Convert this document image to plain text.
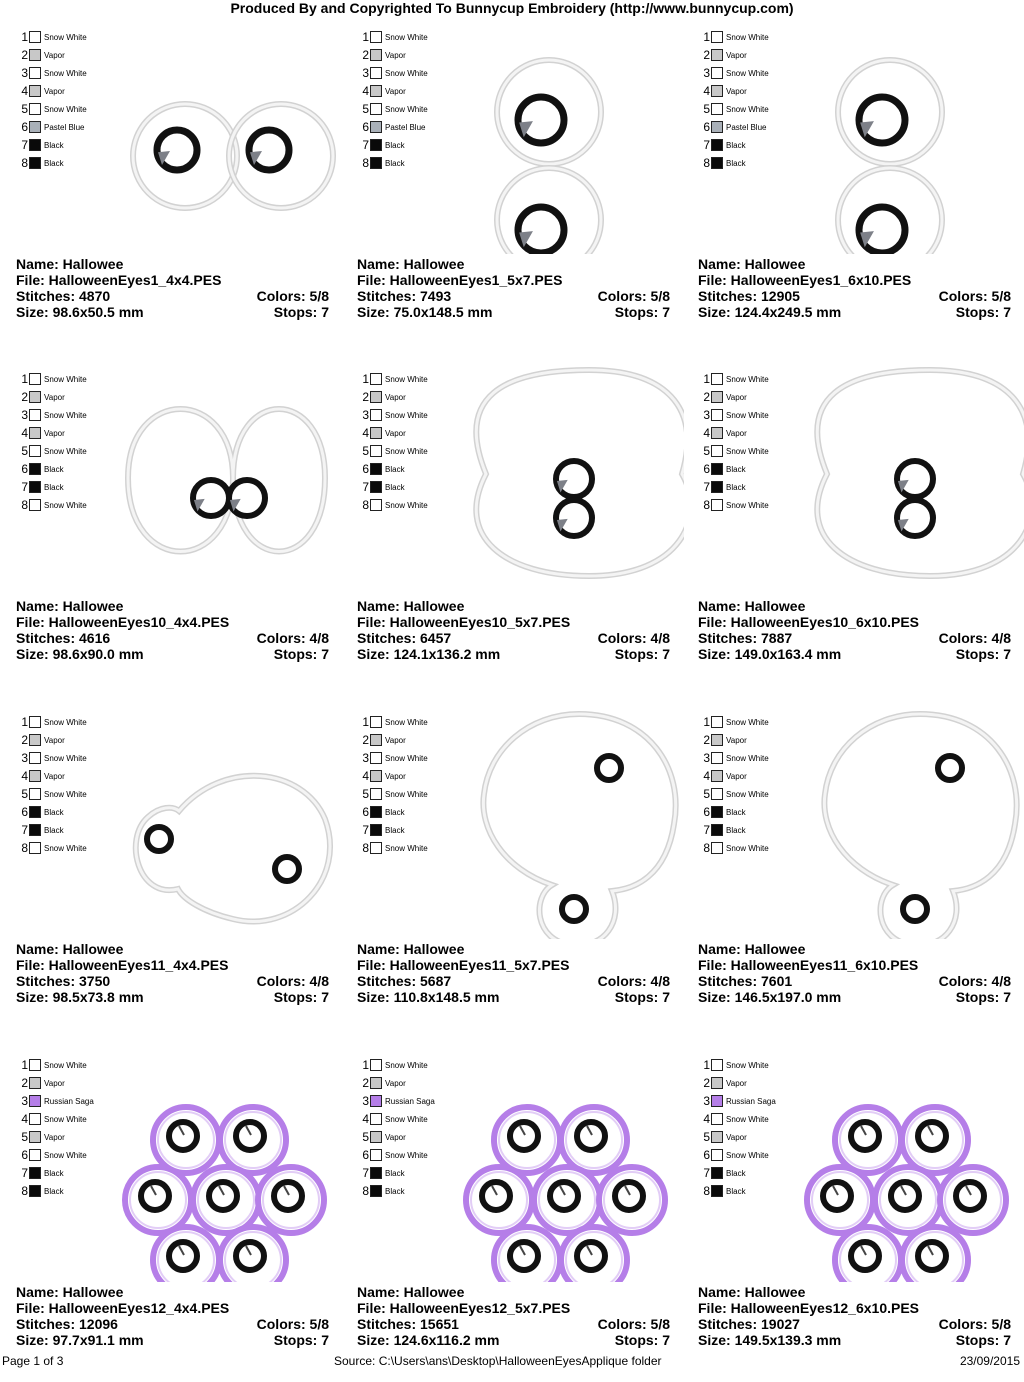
Produced By and Copyrighted To Bunnycup Embroidery (http://www.bunnycup.com)
1 Snow White
2 Vapor
3 Snow White
4 Vapor
5 Snow White
6 Pastel Blue
7 Black
8 Black
Name: Hallowee
File: HalloweenEyes1_4x4.PES
Stitches: 4870	Colors: 5/8
Size: 98.6x50.5 mm	Stops: 7
1 Snow White
2 Vapor
3 Snow White
4 Vapor
5 Snow White
6 Pastel Blue
7 Black
8 Black
Name: Hallowee
File: HalloweenEyes1_5x7.PES
Stitches: 7493	Colors: 5/8
Size: 75.0x148.5 mm	Stops: 7
1 Snow White
2 Vapor
3 Snow White
4 Vapor
5 Snow White
6 Pastel Blue
7 Black
8 Black
Name: Hallowee
File: HalloweenEyes1_6x10.PES
Stitches: 12905	Colors: 5/8
Size: 124.4x249.5 mm	Stops: 7
1 Snow White
2 Vapor
3 Snow White
4 Vapor
5 Snow White
6 Black
7 Black
8 Snow White
Name: Hallowee
File: HalloweenEyes10_4x4.PES
Stitches: 4616	Colors: 4/8
Size: 98.6x90.0 mm	Stops: 7
1 Snow White
2 Vapor
3 Snow White
4 Vapor
5 Snow White
6 Black
7 Black
8 Snow White
Name: Hallowee
File: HalloweenEyes10_5x7.PES
Stitches: 6457	Colors: 4/8
Size: 124.1x136.2 mm	Stops: 7
1 Snow White
2 Vapor
3 Snow White
4 Vapor
5 Snow White
6 Black
7 Black
8 Snow White
Name: Hallowee
File: HalloweenEyes10_6x10.PES
Stitches: 7887	Colors: 4/8
Size: 149.0x163.4 mm	Stops: 7
1 Snow White
2 Vapor
3 Snow White
4 Vapor
5 Snow White
6 Black
7 Black
8 Snow White
Name: Hallowee
File: HalloweenEyes11_4x4.PES
Stitches: 3750	Colors: 4/8
Size: 98.5x73.8 mm	Stops: 7
1 Snow White
2 Vapor
3 Snow White
4 Vapor
5 Snow White
6 Black
7 Black
8 Snow White
Name: Hallowee
File: HalloweenEyes11_5x7.PES
Stitches: 5687	Colors: 4/8
Size: 110.8x148.5 mm	Stops: 7
1 Snow White
2 Vapor
3 Snow White
4 Vapor
5 Snow White
6 Black
7 Black
8 Snow White
Name: Hallowee
File: HalloweenEyes11_6x10.PES
Stitches: 7601	Colors: 4/8
Size: 146.5x197.0 mm	Stops: 7
1 Snow White
2 Vapor
3 Russian Saga
4 Snow White
5 Vapor
6 Snow White
7 Black
8 Black
Name: Hallowee
File: HalloweenEyes12_4x4.PES
Stitches: 12096	Colors: 5/8
Size: 97.7x91.1 mm	Stops: 7
1 Snow White
2 Vapor
3 Russian Saga
4 Snow White
5 Vapor
6 Snow White
7 Black
8 Black
Name: Hallowee
File: HalloweenEyes12_5x7.PES
Stitches: 15651	Colors: 5/8
Size: 124.6x116.2 mm	Stops: 7
1 Snow White
2 Vapor
3 Russian Saga
4 Snow White
5 Vapor
6 Snow White
7 Black
8 Black
Name: Hallowee
File: HalloweenEyes12_6x10.PES
Stitches: 19027	Colors: 5/8
Size: 149.5x139.3 mm	Stops: 7
Page 1 of 3	Source: C:\Users\ans\Desktop\HalloweenEyesApplique folder	23/09/2015
